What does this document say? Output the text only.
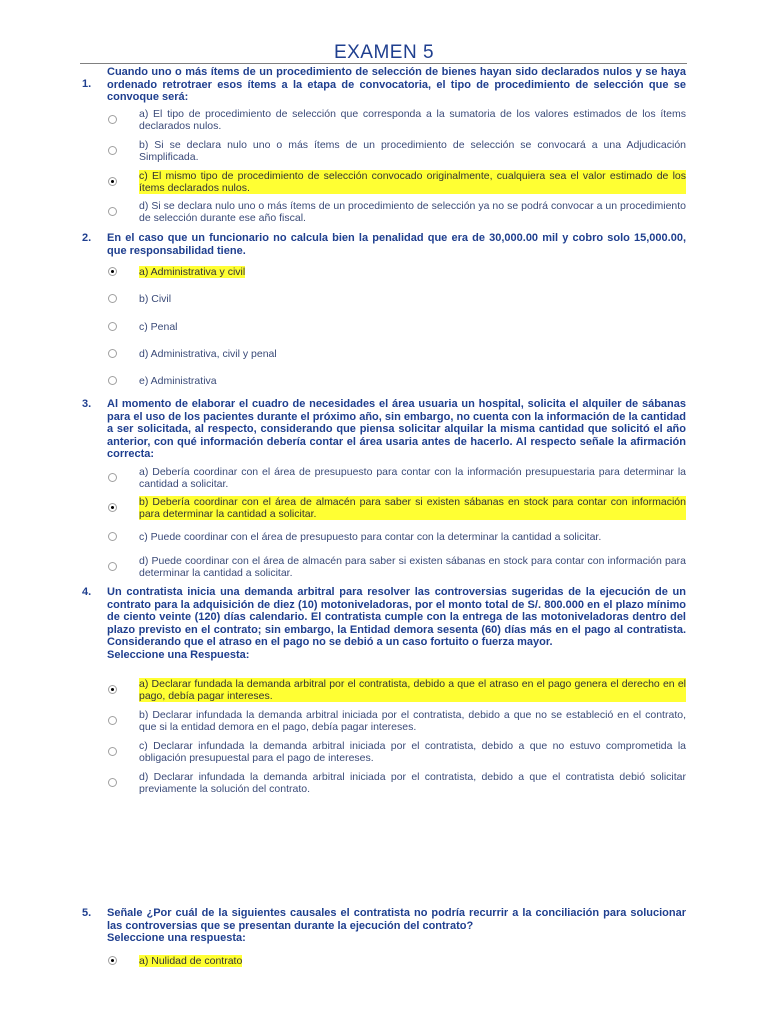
EXAMEN 5
1.
Cuando uno o más ítems de un procedimiento de selección de bienes hayan sido declarados nulos y se haya ordenado retrotraer esos ítems a la etapa de convocatoria, el tipo de procedimiento de selección que se convoque será:
a) El tipo de procedimiento de selección que corresponda a la sumatoria de los valores estimados de los ítems declarados nulos.
b) Si se declara nulo uno o más ítems de un procedimiento de selección se convocará a una Adjudicación Simplificada.
c) El mismo tipo de procedimiento de selección convocado originalmente, cualquiera sea el valor estimado de los ítems declarados nulos.
d) Si se declara nulo uno o más ítems de un procedimiento de selección ya no se podrá convocar a un procedimiento de selección durante ese año fiscal.
2. En el caso que un funcionario no calcula bien la penalidad que era de 30,000.00 mil y cobro solo 15,000.00, que responsabilidad tiene.
a) Administrativa y civil
b) Civil
c) Penal
d) Administrativa, civil y penal
e) Administrativa
3. Al momento de elaborar el cuadro de necesidades el área usuaria un hospital, solicita el alquiler de sábanas para el uso de los pacientes durante el próximo año, sin embargo, no cuenta con la información de la cantidad a ser solicitada, al respecto, considerando que piensa solicitar alquilar la misma cantidad que solicitó el año anterior, con qué información debería contar el área usaria antes de hacerlo. Al respecto señale la afirmación correcta:
a) Debería coordinar con el área de presupuesto para contar con la información presupuestaria para determinar la cantidad a solicitar.
b) Debería coordinar con el área de almacén para saber si existen sábanas en stock para contar con información para determinar la cantidad a solicitar.
c) Puede coordinar con el área de presupuesto para contar con la determinar la cantidad a solicitar.
d) Puede coordinar con el área de almacén para saber si existen sábanas en stock para contar con información para determinar la cantidad a solicitar.
4. Un contratista inicia una demanda arbitral para resolver las controversias sugeridas de la ejecución de un contrato para la adquisición de diez (10) motoniveladoras, por el monto total de S/. 800.000 en el plazo mínimo de ciento veinte (120) días calendario. El contratista cumple con la entrega de las motoniveladoras dentro del plazo previsto en el contrato; sin embargo, la Entidad demora sesenta (60) días más en el pago al contratista. Considerando que el atraso en el pago no se debió a un caso fortuito o fuerza mayor.
Seleccione una Respuesta:
a) Declarar fundada la demanda arbitral por el contratista, debido a que el atraso en el pago genera el derecho en el pago, debía pagar intereses.
b) Declarar infundada la demanda arbitral iniciada por el contratista, debido a que no se estableció en el contrato, que si la entidad demora en el pago, debía pagar intereses.
c) Declarar infundada la demanda arbitral iniciada por el contratista, debido a que no estuvo comprometida la obligación presupuestal para el pago de intereses.
d) Declarar infundada la demanda arbitral iniciada por el contratista, debido a que el contratista debió solicitar previamente la solución del contrato.
5. Señale ¿Por cuál de la siguientes causales el contratista no podría recurrir a la conciliación para solucionar las controversias que se presentan durante la ejecución del contrato?
Seleccione una respuesta:
a) Nulidad de contrato
